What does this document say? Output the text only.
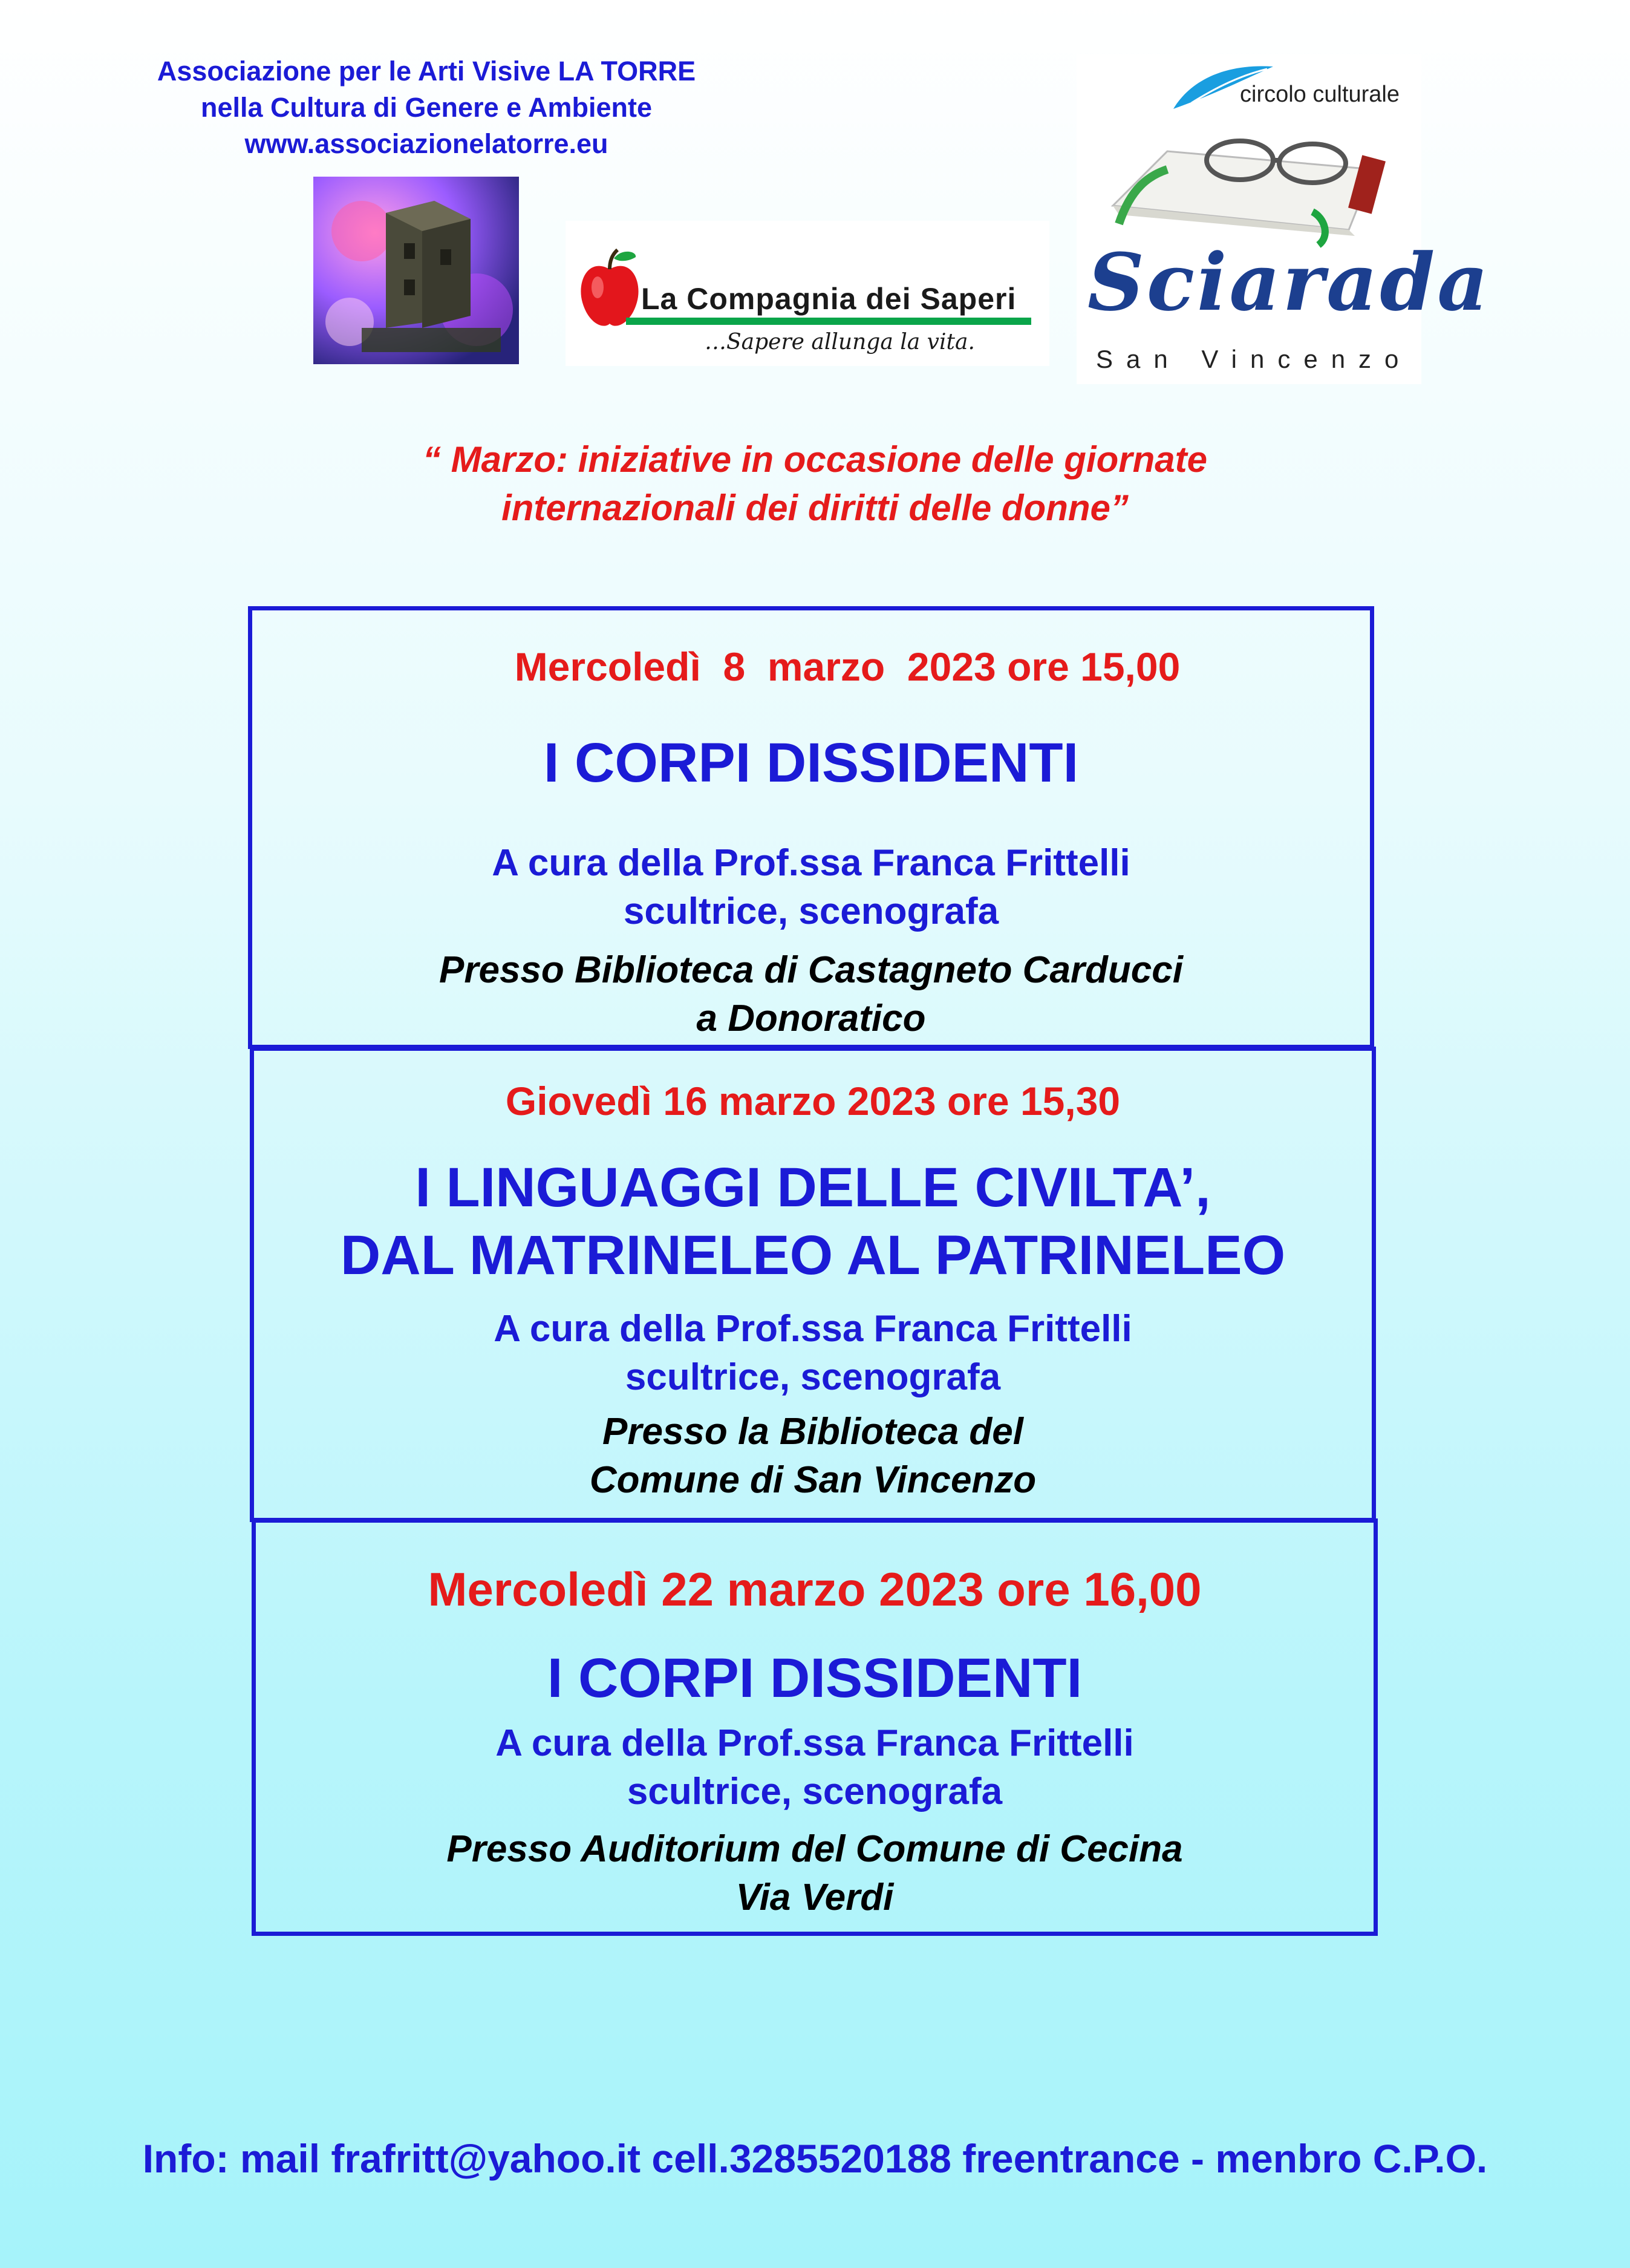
Associazione per le Arti Visive LA TORRE
nella Cultura di Genere e Ambiente
www.associazionelatorre.eu
La Compagnia dei Saperi
…Sapere allunga la vita.
circolo culturale
Sciarada
San Vincenzo
“ Marzo: iniziative in occasione delle giornate
internazionali dei diritti delle donne”
Mercoledì  8  marzo  2023 ore 15,00
I CORPI DISSIDENTI
A cura della Prof.ssa Franca Frittelli
scultrice, scenografa
Presso Biblioteca di Castagneto Carducci
a Donoratico
Giovedì 16 marzo 2023 ore 15,30
I LINGUAGGI DELLE CIVILTA’,
DAL MATRINELEO AL PATRINELEO
A cura della Prof.ssa Franca Frittelli
scultrice, scenografa
Presso la Biblioteca del
Comune di San Vincenzo
Mercoledì 22 marzo 2023 ore 16,00
I CORPI DISSIDENTI
A cura della Prof.ssa Franca Frittelli
scultrice, scenografa
Presso Auditorium del Comune di Cecina
Via Verdi
Info: mail frafritt@yahoo.it cell.3285520188 freentrance - menbro C.P.O.
